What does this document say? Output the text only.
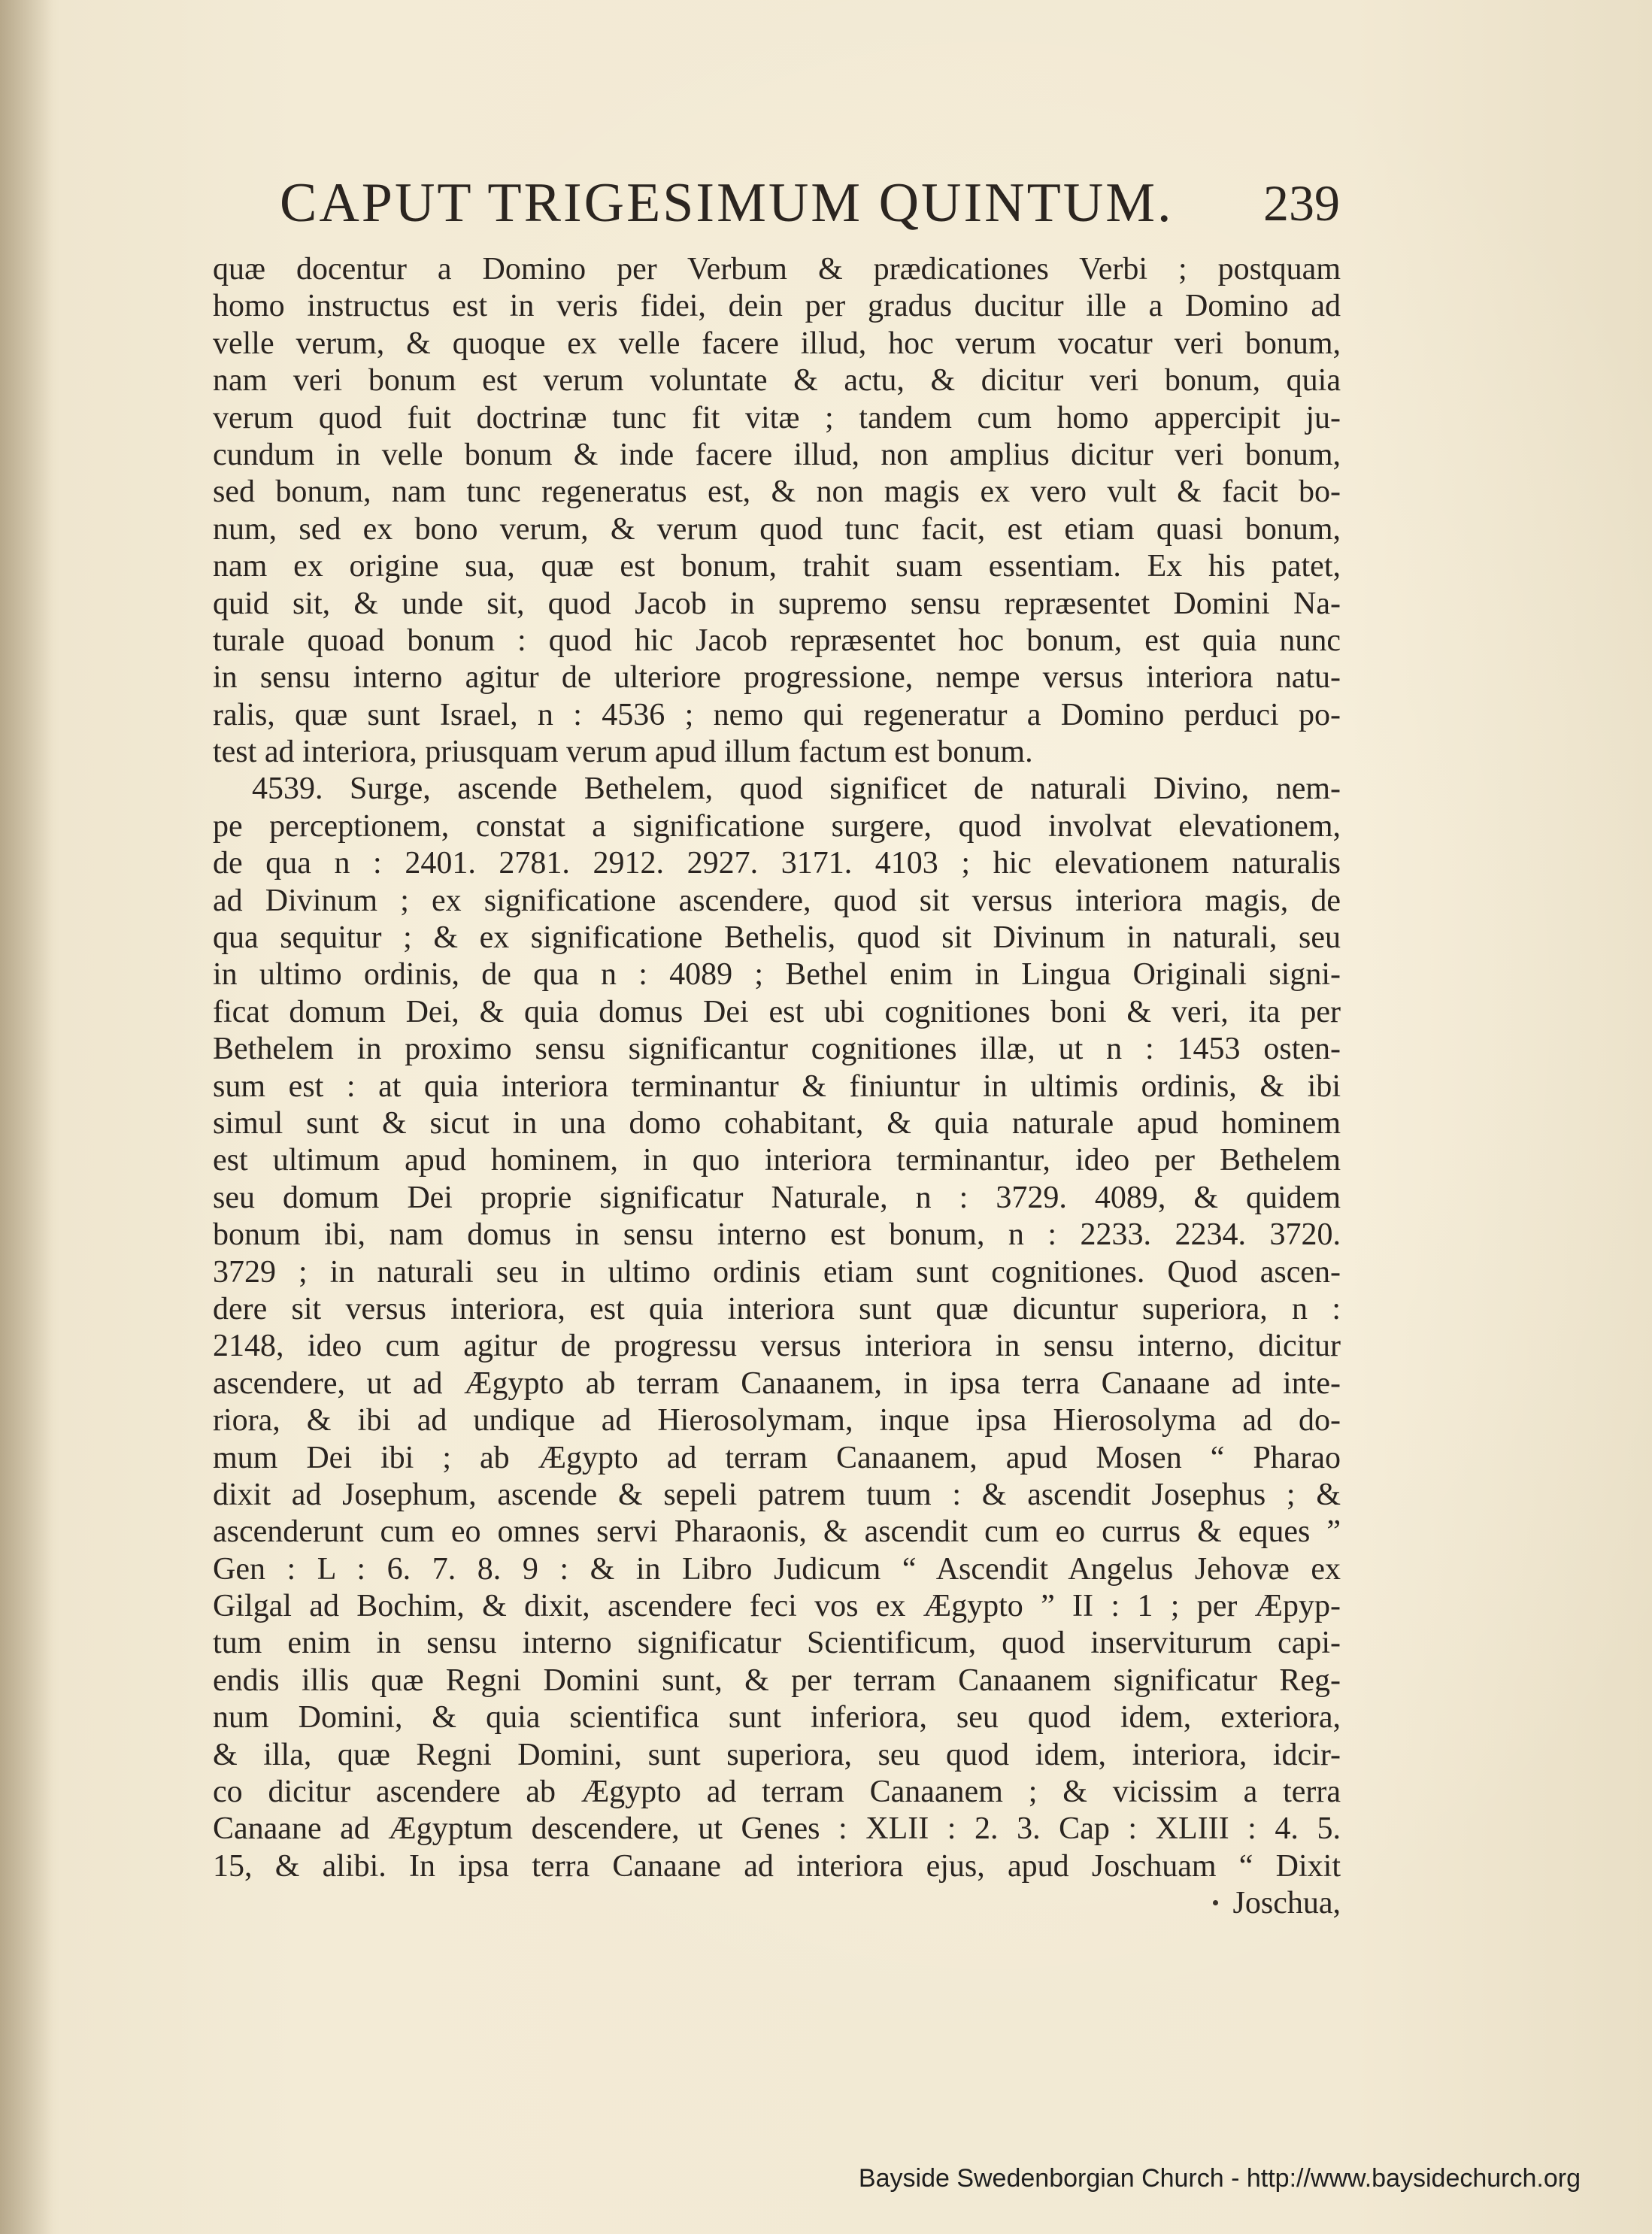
CAPUT TRIGESIMUM QUINTUM. 239
quæ docentur a Domino per Verbum & prædicationes Verbi ; postquam
homo instructus est in veris fidei, dein per gradus ducitur ille a Domino ad
velle verum, & quoque ex velle facere illud, hoc verum vocatur veri bonum,
nam veri bonum est verum voluntate & actu, & dicitur veri bonum, quia
verum quod fuit doctrinæ tunc fit vitæ ; tandem cum homo appercipit ju-
cundum in velle bonum & inde facere illud, non amplius dicitur veri bonum,
sed bonum, nam tunc regeneratus est, & non magis ex vero vult & facit bo-
num, sed ex bono verum, & verum quod tunc facit, est etiam quasi bonum,
nam ex origine sua, quæ est bonum, trahit suam essentiam. Ex his patet,
quid sit, & unde sit, quod Jacob in supremo sensu repræsentet Domini Na-
turale quoad bonum : quod hic Jacob repræsentet hoc bonum, est quia nunc
in sensu interno agitur de ulteriore progressione, nempe versus interiora natu-
ralis, quæ sunt Israel, n : 4536 ; nemo qui regeneratur a Domino perduci po-
test ad interiora, priusquam verum apud illum factum est bonum.
4539. Surge, ascende Bethelem, quod significet de naturali Divino, nem-
pe perceptionem, constat a significatione surgere, quod involvat elevationem,
de qua n : 2401. 2781. 2912. 2927. 3171. 4103 ; hic elevationem naturalis
ad Divinum ; ex significatione ascendere, quod sit versus interiora magis, de
qua sequitur ; & ex significatione Bethelis, quod sit Divinum in naturali, seu
in ultimo ordinis, de qua n : 4089 ; Bethel enim in Lingua Originali signi-
ficat domum Dei, & quia domus Dei est ubi cognitiones boni & veri, ita per
Bethelem in proximo sensu significantur cognitiones illæ, ut n : 1453 osten-
sum est : at quia interiora terminantur & finiuntur in ultimis ordinis, & ibi
simul sunt & sicut in una domo cohabitant, & quia naturale apud hominem
est ultimum apud hominem, in quo interiora terminantur, ideo per Bethelem
seu domum Dei proprie significatur Naturale, n : 3729. 4089, & quidem
bonum ibi, nam domus in sensu interno est bonum, n : 2233. 2234. 3720.
3729 ; in naturali seu in ultimo ordinis etiam sunt cognitiones. Quod ascen-
dere sit versus interiora, est quia interiora sunt quæ dicuntur superiora, n :
2148, ideo cum agitur de progressu versus interiora in sensu interno, dicitur
ascendere, ut ad Ægypto ab terram Canaanem, in ipsa terra Canaane ad inte-
riora, & ibi ad undique ad Hierosolymam, inque ipsa Hierosolyma ad do-
mum Dei ibi ; ab Ægypto ad terram Canaanem, apud Mosen “ Pharao
dixit ad Josephum, ascende & sepeli patrem tuum : & ascendit Josephus ; &
ascenderunt cum eo omnes servi Pharaonis, & ascendit cum eo currus & eques ”
Gen : L : 6. 7. 8. 9 : & in Libro Judicum “ Ascendit Angelus Jehovæ ex
Gilgal ad Bochim, & dixit, ascendere feci vos ex Ægypto ” II : 1 ; per Æpyp-
tum enim in sensu interno significatur Scientificum, quod inserviturum capi-
endis illis quæ Regni Domini sunt, & per terram Canaanem significatur Reg-
num Domini, & quia scientifica sunt inferiora, seu quod idem, exteriora,
& illa, quæ Regni Domini, sunt superiora, seu quod idem, interiora, idcir-
co dicitur ascendere ab Ægypto ad terram Canaanem ; & vicissim a terra
Canaane ad Ægyptum descendere, ut Genes : XLII : 2. 3. Cap : XLIII : 4. 5.
15, & alibi. In ipsa terra Canaane ad interiora ejus, apud Joschuam “ Dixit
Joschua,
Bayside Swedenborgian Church - http://www.baysidechurch.org
